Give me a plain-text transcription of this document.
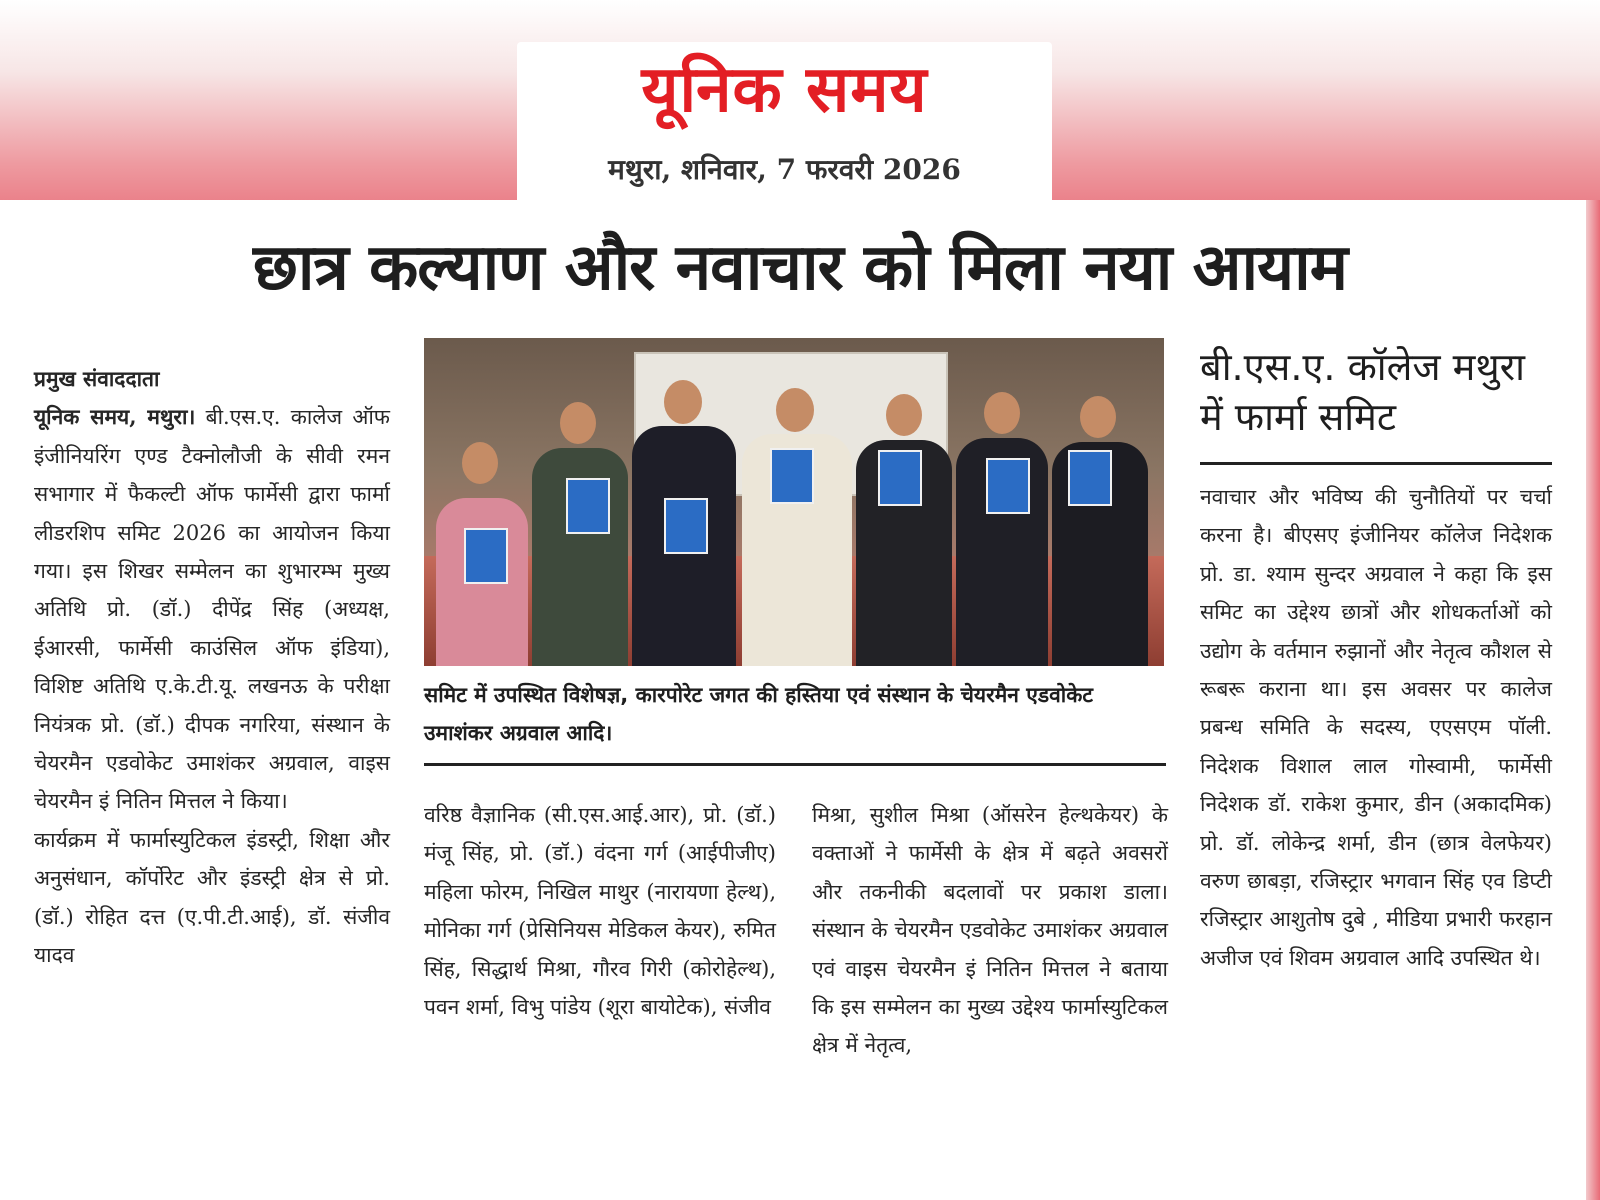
यूनिक समय
मथुरा, शनिवार, 7 फरवरी 2026
छात्र कल्याण और नवाचार को मिला नया आयाम

प्रमुख संवाददाता

यूनिक समय, मथुरा। बी.एस.ए. कालेज ऑफ इंजीनियरिंग एण्ड टैक्नोलौजी के सीवी रमन सभागार में फैकल्टी ऑफ फार्मेसी द्वारा फार्मा लीडरशिप समिट 2026 का आयोजन किया गया। इस शिखर सम्मेलन का शुभारम्भ मुख्य अतिथि प्रो. (डॉ.) दीपेंद्र सिंह (अध्यक्ष, ईआरसी, फार्मेसी काउंसिल ऑफ इंडिया), विशिष्ट अतिथि ए.के.टी.यू. लखनऊ के परीक्षा नियंत्रक प्रो. (डॉ.) दीपक नगरिया, संस्थान के चेयरमैन एडवोकेट उमाशंकर अग्रवाल, वाइस चेयरमैन इं नितिन मित्तल ने किया।

कार्यक्रम में फार्मास्युटिकल इंडस्ट्री, शिक्षा और अनुसंधान, कॉर्पोरेट और इंडस्ट्री क्षेत्र से प्रो. (डॉ.) रोहित दत्त (ए.पी.टी.आई), डॉ. संजीव यादव

समिट में उपस्थित विशेषज्ञ, कारपोरेट जगत की हस्तिया एवं संस्थान के चेयरमैन एडवोकेट उमाशंकर अग्रवाल आदि।

वरिष्ठ वैज्ञानिक (सी.एस.आई.आर), प्रो. (डॉ.) मंजू सिंह, प्रो. (डॉ.) वंदना गर्ग (आईपीजीए) महिला फोरम, निखिल माथुर (नारायणा हेल्थ), मोनिका गर्ग (प्रेसिनियस मेडिकल केयर), रुमित सिंह, सिद्धार्थ मिश्रा, गौरव गिरी (कोरोहेल्थ), पवन शर्मा, विभु पांडेय (शूरा बायोटेक), संजीव

मिश्रा, सुशील मिश्रा (ऑसरेन हेल्थकेयर) के वक्ताओं ने फार्मेसी के क्षेत्र में बढ़ते अवसरों और तकनीकी बदलावों पर प्रकाश डाला। संस्थान के चेयरमैन एडवोकेट उमाशंकर अग्रवाल एवं वाइस चेयरमैन इं नितिन मित्तल ने बताया कि इस सम्मेलन का मुख्य उद्देश्य फार्मास्युटिकल क्षेत्र में नेतृत्व,

बी.एस.ए. कॉलेज मथुरा में फार्मा समिट

नवाचार और भविष्य की चुनौतियों पर चर्चा करना है। बीएसए इंजीनियर कॉलेज निदेशक प्रो. डा. श्याम सुन्दर अग्रवाल ने कहा कि इस समिट का उद्देश्य छात्रों और शोधकर्ताओं को उद्योग के वर्तमान रुझानों और नेतृत्व कौशल से रूबरू कराना था। इस अवसर पर कालेज प्रबन्ध समिति के सदस्य, एएसएम पॉली. निदेशक विशाल लाल गोस्वामी, फार्मेसी निदेशक डॉ. राकेश कुमार, डीन (अकादमिक) प्रो. डॉ. लोकेन्द्र शर्मा, डीन (छात्र वेलफेयर) वरुण छाबड़ा, रजिस्ट्रार भगवान सिंह एव डिप्टी रजिस्ट्रार आशुतोष दुबे , मीडिया प्रभारी फरहान अजीज एवं शिवम अग्रवाल आदि उपस्थित थे।
